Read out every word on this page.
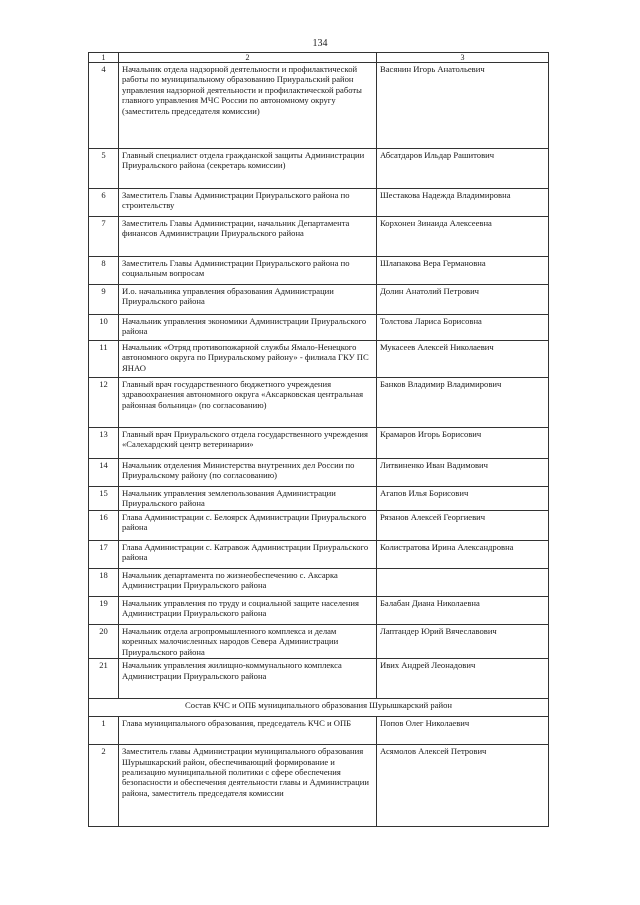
134
1	2	3
4	Начальник отдела надзорной деятельности и профилактической работы по муниципальному образованию Приуральский район управления надзорной деятельности и профилактической работы главного управления МЧС России по автономному округу (заместитель председателя комиссии)	Васянин Игорь Анатольевич
5	Главный специалист отдела гражданской защиты Администрации Приуральского района (секретарь комиссии)	Абсатдаров Ильдар Рашитович
6	Заместитель Главы Администрации Приуральского района по строительству	Шестакова Надежда Владимировна
7	Заместитель Главы Администрации, начальник Департамента финансов Администрации Приуральского района	Корхонен Зинаида Алексеевна
8	Заместитель Главы Администрации Приуральского района по социальным вопросам	Шлапакова Вера Германовна
9	И.о. начальника управления образования Администрации Приуральского района	Долин Анатолий Петрович
10	Начальник управления экономики Администрации Приуральского района	Толстова Лариса Борисовна
11	Начальник «Отряд противопожарной службы Ямало-Ненецкого автономного округа по Приуральскому району» - филиала ГКУ ПС ЯНАО	Мукасеев Алексей Николаевич
12	Главный врач государственного бюджетного учреждения здравоохранения автономного округа «Аксарковская центральная районная больница» (по согласованию)	Банков Владимир Владимирович
13	Главный врач Приуральского отдела государственного учреждения «Салехардский центр ветеринарии»	Крамаров Игорь Борисович
14	Начальник отделения Министерства внутренних дел России по Приуральскому району (по согласованию)	Литвиненко Иван Вадимович
15	Начальник управления землепользования Администрации Приуральского района	Агапов Илья Борисович
16	Глава Администрации с. Белоярск Администрации Приуральского района	Рязанов Алексей Георгиевич
17	Глава Администрации с. Катравож Администрации Приуральского района	Колистратова Ирина Александровна
18	Начальник департамента по жизнеобеспечению с. Аксарка Администрации Приуральского района	
19	Начальник управления по труду и социальной защите населения Администрации Приуральского района	Балабан Диана Николаевна
20	Начальник отдела агропромышленного комплекса и делам коренных малочисленных народов Севера Администрации Приуральского района	Лаптандер Юрий Вячеславович
21	Начальник управления жилищно-коммунального комплекса Администрации Приуральского района	Ивих Андрей Леонадович
Состав КЧС и ОПБ муниципального образования Шурышкарский район		
1	Глава муниципального образования, председатель КЧС и ОПБ	Попов Олег Николаевич
2	Заместитель главы Администрации муниципального образования Шурышкарский район, обеспечивающий формирование и реализацию муниципальной политики с сфере обеспечения безопасности и обеспечения деятельности главы и Администрации района, заместитель председателя комиссии	Асямолов Алексей Петрович
